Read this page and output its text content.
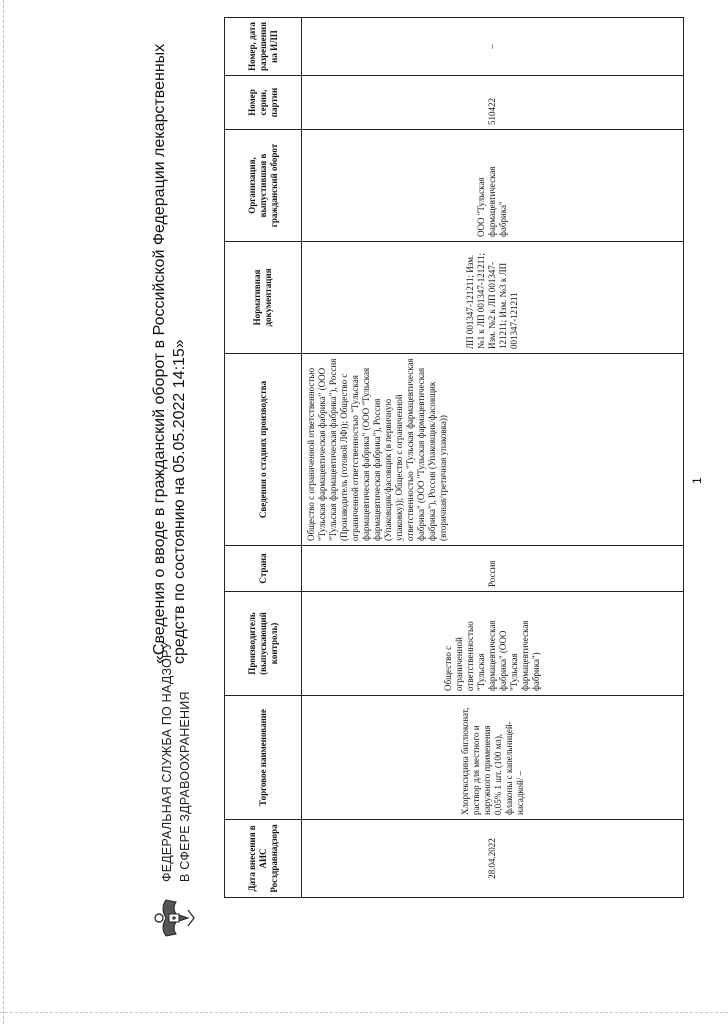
ФЕДЕРАЛЬНАЯ СЛУЖБА ПО НАДЗОРУ В СФЕРЕ ЗДРАВООХРАНЕНИЯ
«Сведения о вводе в гражданский оборот в Российской Федерации лекарственных средств по состоянию на 05.05.2022 14:15»
Дата внесения в АИС Росздравнадзора	Торговое наименование	Производитель (выпускающий контроль)	Страна	Сведения о стадиях производства	Нормативная документация	Организация, выпустившая в гражданский оборот	Номер серии, партии	Номер, дата разрешения на ИЛП
28.04.2022	Хлоргексидина биглюконат, раствор для местного и наружного применения 0,05% 1 шт. (100 мл), флаконы с капельницей-насадкой/ –	Общество с ограниченной ответственностью "Тульская фармацевтическая фабрика" (ООО "Тульская фармацевтическая фабрика")	Россия	Общество с ограниченной ответственностью "Тульская фармацевтическая фабрика" (ООО "Тульская фармацевтическая фабрика"), Россия (Производитель (готовой ЛФ)); Общество с ограниченной ответственностью "Тульская фармацевтическая фабрика" (ООО "Тульская фармацевтическая фабрика"), Россия (Упаковщик/фасовщик (в первичную упаковку)); Общество с ограниченной ответственностью "Тульская фармацевтическая фабрика" (ООО "Тульская фармацевтическая фабрика"), Россия (Упаковщик/фасовщик (вторичная/третичная упаковка))	ЛП 001347-121211; Изм. №1 к ЛП 001347-121211; Изм. №2 к ЛП 001347-121211; Изм. №3 к ЛП 001347-121211	ООО "Тульская фармацевтическая фабрика"	510422	–
1
